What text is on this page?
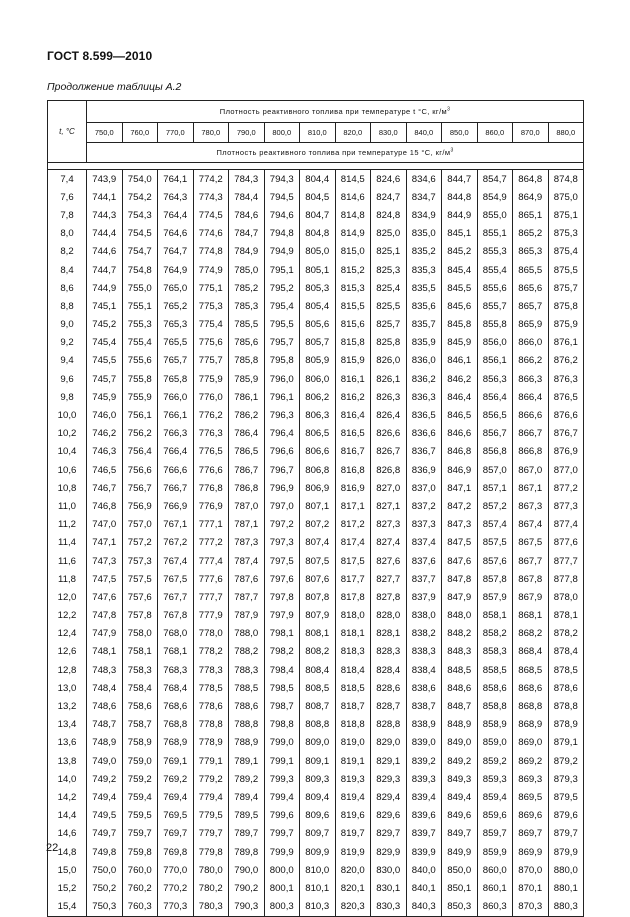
ГОСТ 8.599—2010
Продолжение таблицы А.2
t, °C	Плотность реактивного топлива при температуре t °C, $кг/м^3$
	750,0	760,0	770,0	780,0	790,0	800,0	810,0	820,0	830,0	840,0	850,0	860,0	870,0	880,0
	Плотность реактивного топлива при температуре 15 °С, $кг/м^3$

7,4	743,9	754,0	764,1	774,2	784,3	794,3	804,4	814,5	824,6	834,6	844,7	854,7	864,8	874,8
7,6	744,1	754,2	764,3	774,3	784,4	794,5	804,5	814,6	824,7	834,7	844,8	854,9	864,9	875,0
7,8	744,3	754,3	764,4	774,5	784,6	794,6	804,7	814,8	824,8	834,9	844,9	855,0	865,1	875,1
8,0	744,4	754,5	764,6	774,6	784,7	794,8	804,8	814,9	825,0	835,0	845,1	855,1	865,2	875,3
8,2	744,6	754,7	764,7	774,8	784,9	794,9	805,0	815,0	825,1	835,2	845,2	855,3	865,3	875,4
8,4	744,7	754,8	764,9	774,9	785,0	795,1	805,1	815,2	825,3	835,3	845,4	855,4	865,5	875,5
8,6	744,9	755,0	765,0	775,1	785,2	795,2	805,3	815,3	825,4	835,5	845,5	855,6	865,6	875,7
8,8	745,1	755,1	765,2	775,3	785,3	795,4	805,4	815,5	825,5	835,6	845,6	855,7	865,7	875,8
9,0	745,2	755,3	765,3	775,4	785,5	795,5	805,6	815,6	825,7	835,7	845,8	855,8	865,9	875,9
9,2	745,4	755,4	765,5	775,6	785,6	795,7	805,7	815,8	825,8	835,9	845,9	856,0	866,0	876,1
9,4	745,5	755,6	765,7	775,7	785,8	795,8	805,9	815,9	826,0	836,0	846,1	856,1	866,2	876,2
9,6	745,7	755,8	765,8	775,9	785,9	796,0	806,0	816,1	826,1	836,2	846,2	856,3	866,3	876,3
9,8	745,9	755,9	766,0	776,0	786,1	796,1	806,2	816,2	826,3	836,3	846,4	856,4	866,4	876,5
10,0	746,0	756,1	766,1	776,2	786,2	796,3	806,3	816,4	826,4	836,5	846,5	856,5	866,6	876,6
10,2	746,2	756,2	766,3	776,3	786,4	796,4	806,5	816,5	826,6	836,6	846,6	856,7	866,7	876,7
10,4	746,3	756,4	766,4	776,5	786,5	796,6	806,6	816,7	826,7	836,7	846,8	856,8	866,8	876,9
10,6	746,5	756,6	766,6	776,6	786,7	796,7	806,8	816,8	826,8	836,9	846,9	857,0	867,0	877,0
10,8	746,7	756,7	766,7	776,8	786,8	796,9	806,9	816,9	827,0	837,0	847,1	857,1	867,1	877,2
11,0	746,8	756,9	766,9	776,9	787,0	797,0	807,1	817,1	827,1	837,2	847,2	857,2	867,3	877,3
11,2	747,0	757,0	767,1	777,1	787,1	797,2	807,2	817,2	827,3	837,3	847,3	857,4	867,4	877,4
11,4	747,1	757,2	767,2	777,2	787,3	797,3	807,4	817,4	827,4	837,4	847,5	857,5	867,5	877,6
11,6	747,3	757,3	767,4	777,4	787,4	797,5	807,5	817,5	827,6	837,6	847,6	857,6	867,7	877,7
11,8	747,5	757,5	767,5	777,6	787,6	797,6	807,6	817,7	827,7	837,7	847,8	857,8	867,8	877,8
12,0	747,6	757,6	767,7	777,7	787,7	797,8	807,8	817,8	827,8	837,9	847,9	857,9	867,9	878,0
12,2	747,8	757,8	767,8	777,9	787,9	797,9	807,9	818,0	828,0	838,0	848,0	858,1	868,1	878,1
12,4	747,9	758,0	768,0	778,0	788,0	798,1	808,1	818,1	828,1	838,2	848,2	858,2	868,2	878,2
12,6	748,1	758,1	768,1	778,2	788,2	798,2	808,2	818,3	828,3	838,3	848,3	858,3	868,4	878,4
12,8	748,3	758,3	768,3	778,3	788,3	798,4	808,4	818,4	828,4	838,4	848,5	858,5	868,5	878,5
13,0	748,4	758,4	768,4	778,5	788,5	798,5	808,5	818,5	828,6	838,6	848,6	858,6	868,6	878,6
13,2	748,6	758,6	768,6	778,6	788,6	798,7	808,7	818,7	828,7	838,7	848,7	858,8	868,8	878,8
13,4	748,7	758,7	768,8	778,8	788,8	798,8	808,8	818,8	828,8	838,9	848,9	858,9	868,9	878,9
13,6	748,9	758,9	768,9	778,9	788,9	799,0	809,0	819,0	829,0	839,0	849,0	859,0	869,0	879,1
13,8	749,0	759,0	769,1	779,1	789,1	799,1	809,1	819,1	829,1	839,2	849,2	859,2	869,2	879,2
14,0	749,2	759,2	769,2	779,2	789,2	799,3	809,3	819,3	829,3	839,3	849,3	859,3	869,3	879,3
14,2	749,4	759,4	769,4	779,4	789,4	799,4	809,4	819,4	829,4	839,4	849,4	859,4	869,5	879,5
14,4	749,5	759,5	769,5	779,5	789,5	799,6	809,6	819,6	829,6	839,6	849,6	859,6	869,6	879,6
14,6	749,7	759,7	769,7	779,7	789,7	799,7	809,7	819,7	829,7	839,7	849,7	859,7	869,7	879,7
14,8	749,8	759,8	769,8	779,8	789,8	799,9	809,9	819,9	829,9	839,9	849,9	859,9	869,9	879,9
15,0	750,0	760,0	770,0	780,0	790,0	800,0	810,0	820,0	830,0	840,0	850,0	860,0	870,0	880,0
15,2	750,2	760,2	770,2	780,2	790,2	800,1	810,1	820,1	830,1	840,1	850,1	860,1	870,1	880,1
15,4	750,3	760,3	770,3	780,3	790,3	800,3	810,3	820,3	830,3	840,3	850,3	860,3	870,3	880,3
22
